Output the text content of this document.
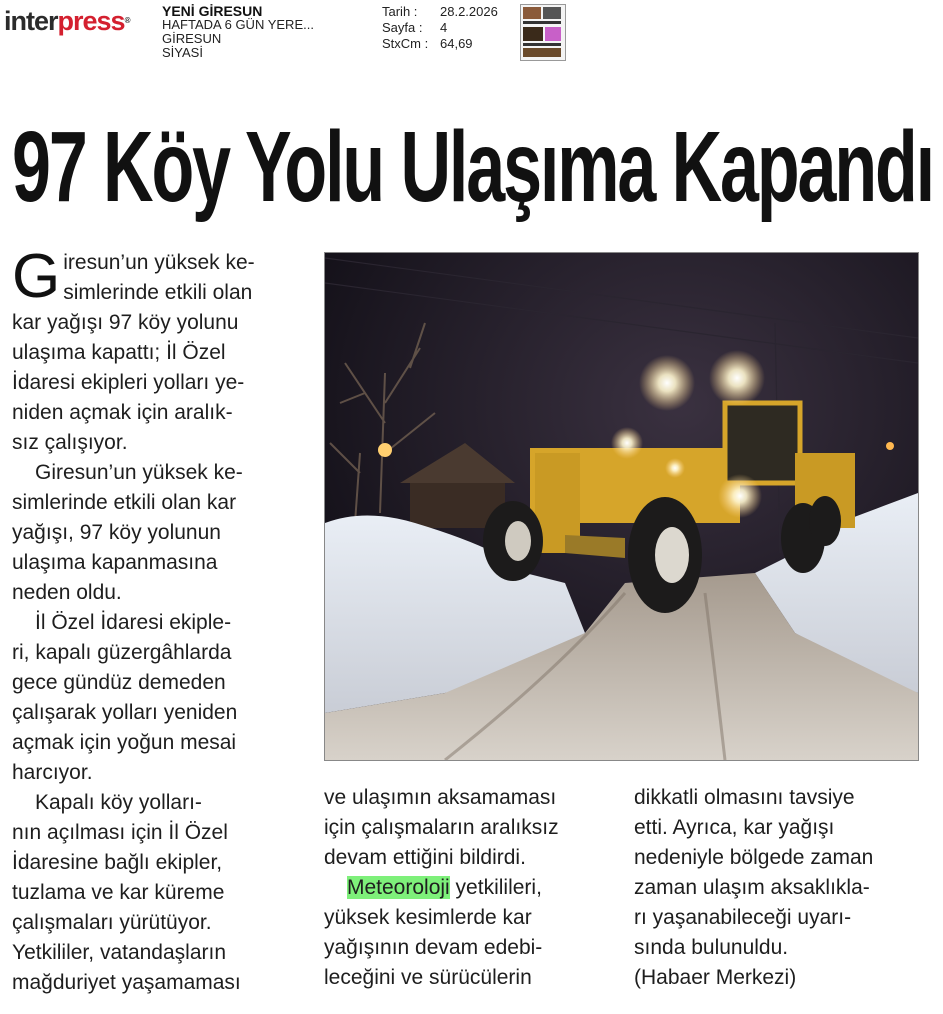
interpress®
YENİ GİRESUN
HAFTADA 6 GÜN YERE...
GİRESUN
SİYASİ
Tarih :	28.2.2026
Sayfa :	4
StxCm : 64,69
97 Köy Yolu Ulaşıma Kapandı

Giresun’un yüksek ke-
simlerinde etkili olan
kar yağışı 97 köy yolunu
ulaşıma kapattı; İl Özel
İdaresi ekipleri yolları ye-
niden açmak için aralık-
sız çalışıyor.

Giresun’un yüksek ke-
simlerinde etkili olan kar
yağışı, 97 köy yolunun
ulaşıma kapanmasına
neden oldu.

İl Özel İdaresi ekiple-
ri, kapalı güzergâhlarda
gece gündüz demeden
çalışarak yolları yeniden
açmak için yoğun mesai
harcıyor.

Kapalı köy yolları-
nın açılması için İl Özel
İdaresine bağlı ekipler,
tuzlama ve kar küreme
çalışmaları yürütüyor.
Yetkililer, vatandaşların
mağduriyet yaşamaması

ve ulaşımın aksamaması
için çalışmaların aralıksız
devam ettiğini bildirdi.

Meteoroloji yetkilileri,
yüksek kesimlerde kar
yağışının devam edebi-
leceğini ve sürücülerin

dikkatli olmasını tavsiye
etti. Ayrıca, kar yağışı
nedeniyle bölgede zaman
zaman ulaşım aksaklıkla-
rı yaşanabileceği uyarı-
sında bulunuldu.
(Habaer Merkezi)
